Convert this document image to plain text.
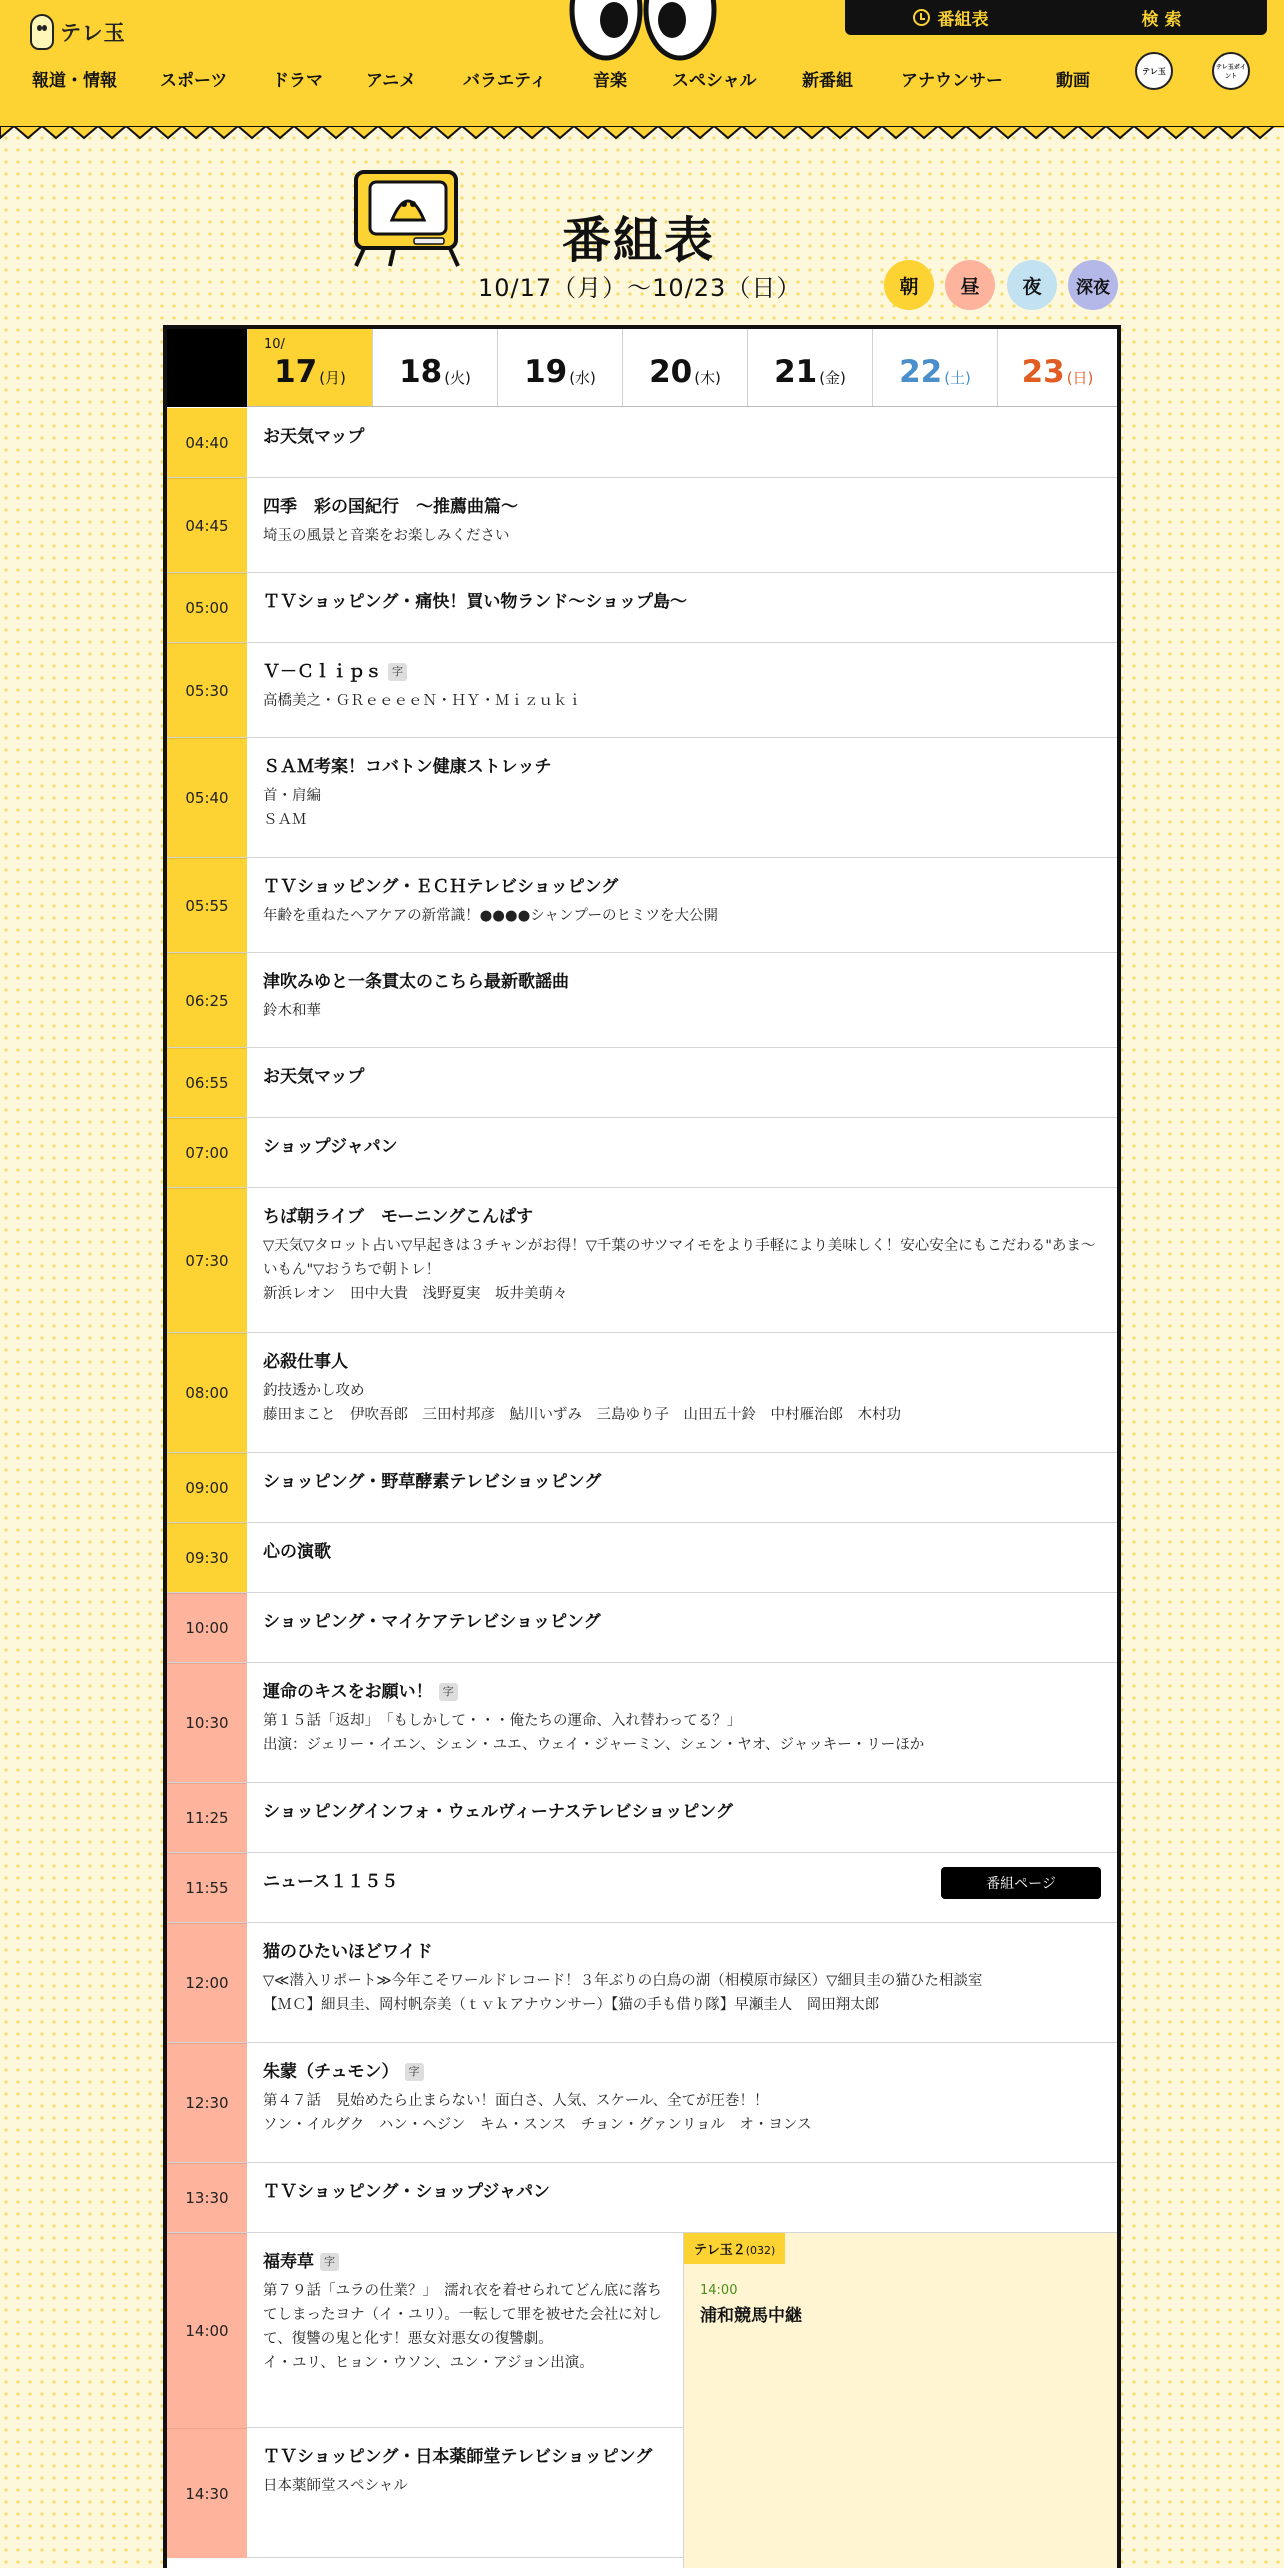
テレ玉
番組表	検 索
報道・情報	スポーツ	ドラマ	アニメ	バラエティ	音楽	スペシャル	新番組	アナウンサー	動画	テレ玉	テレ玉ポイント
番組表
10/17（月）〜10/23（日）	朝 昼 夜 深夜
10/
17 (月) 18 (火) 19 (水) 20 (木) 21 (金) 22 (土) 23 (日)
04:40	お天気マップ
04:45
四季　彩の国紀行　～推薦曲篇～
埼玉の風景と音楽をお楽しみください
05:00	ＴＶショッピング・痛快！買い物ランド～ショップ島～
05:30
Ｖ－Ｃｌｉｐｓ 字
高橋美之・ＧＲｅｅｅｅＮ・ＨＹ・Ｍｉｚｕｋｉ
05:40
ＳＡＭ考案！コバトン健康ストレッチ
首・肩編
ＳＡＭ
05:55
ＴＶショッピング・ＥＣＨテレビショッピング
年齢を重ねたヘアケアの新常識！●●●●シャンプーのヒミツを大公開
06:25
津吹みゆと一条貫太のこちら最新歌謡曲
鈴木和華
06:55	お天気マップ
07:00	ショップジャパン
07:30
ちば朝ライブ　モーニングこんぱす
▽天気▽タロット占い▽早起きは３チャンがお得！▽千葉のサツマイモをより手軽により美味しく！安心安全にもこだわる"あま～いもん"▽おうちで朝トレ！
新浜レオン　田中大貴　浅野夏実　坂井美萌々
08:00
必殺仕事人
釣技透かし攻め
藤田まこと　伊吹吾郎　三田村邦彦　鮎川いずみ　三島ゆり子　山田五十鈴　中村雁治郎　木村功
09:00	ショッピング・野草酵素テレビショッピング
09:30	心の演歌
10:00	ショッピング・マイケアテレビショッピング
10:30
運命のキスをお願い！ 字
第１５話「返却」　「もしかして・・・俺たちの運命、入れ替わってる？」
出演：ジェリー・イエン、シェン・ユエ、ウェイ・ジャーミン、シェン・ヤオ、ジャッキー・リーほか
11:25	ショッピングインフォ・ウェルヴィーナステレビショッピング
11:55	ニュース１１５５	番組ページ
12:00
猫のひたいほどワイド
▽≪潜入リポート≫今年こそワールドレコード！３年ぶりの白鳥の湖（相模原市緑区）▽細貝圭の猫ひた相談室
【ＭＣ】細貝圭、岡村帆奈美（ｔｖｋアナウンサー）【猫の手も借り隊】早瀬圭人　岡田翔太郎
12:30
朱蒙（チュモン） 字
第４７話　見始めたら止まらない！面白さ、人気、スケール、全てが圧巻！！
ソン・イルグク　ハン・ヘジン　キム・スンス　チョン・グァンリョル　オ・ヨンス
13:30	ＴＶショッピング・ショップジャパン
14:00
福寿草 字
第７９話「ユラの仕業？」　濡れ衣を着せられてどん底に落ちてしまったヨナ（イ・ユリ）。一転して罪を被せた会社に対して、復讐の鬼と化す！悪女対悪女の復讐劇。
イ・ユリ、ヒョン・ウソン、ユン・アジョン出演。
14:30
ＴＶショッピング・日本薬師堂テレビショッピング
日本薬師堂スペシャル
テレ玉２(032)
14:00
浦和競馬中継
